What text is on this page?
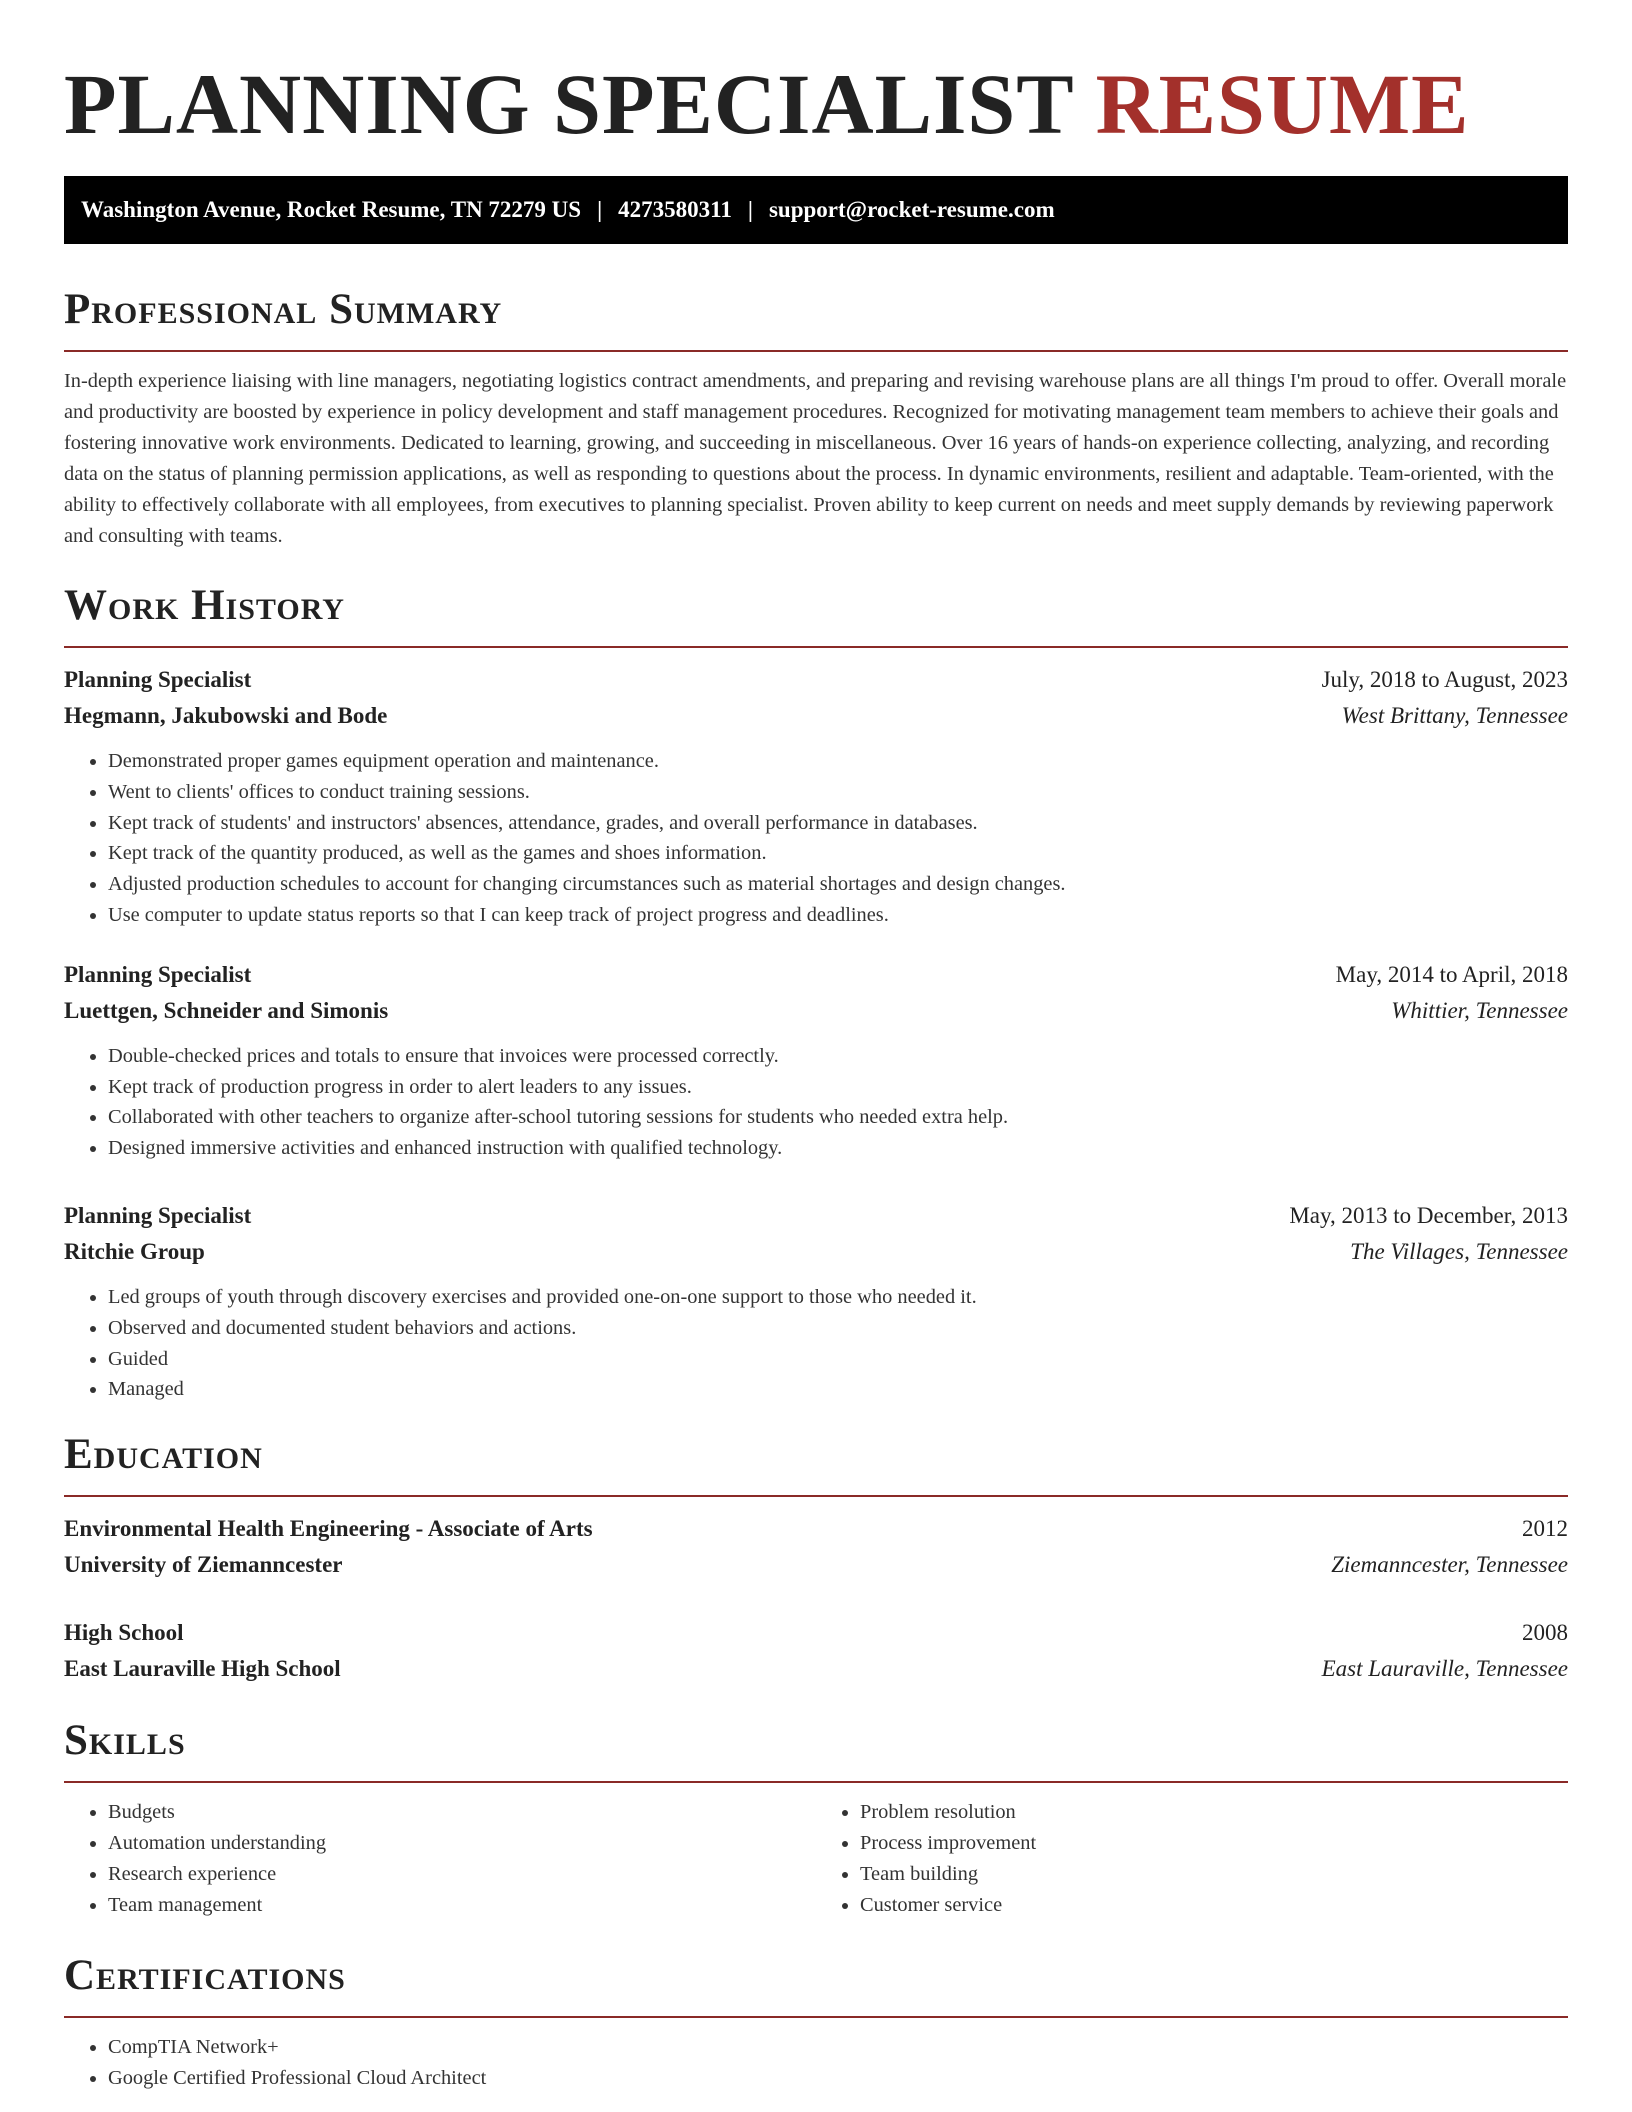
PLANNING SPECIALIST RESUME
Washington Avenue, Rocket Resume, TN 72279 US | 4273580311 | support@rocket-resume.com
Professional Summary

In-depth experience liaising with line managers, negotiating logistics contract amendments, and preparing and revising warehouse plans are all things I'm proud to offer. Overall morale and productivity are boosted by experience in policy development and staff management procedures. Recognized for motivating management team members to achieve their goals and fostering innovative work environments. Dedicated to learning, growing, and succeeding in miscellaneous. Over 16 years of hands-on experience collecting, analyzing, and recording data on the status of planning permission applications, as well as responding to questions about the process. In dynamic environments, resilient and adaptable. Team-oriented, with the ability to effectively collaborate with all employees, from executives to planning specialist. Proven ability to keep current on needs and meet supply demands by reviewing paperwork and consulting with teams.

Work History
Planning Specialist	July, 2018 to August, 2023
Hegmann, Jakubowski and Bode	West Brittany, Tennessee
• Demonstrated proper games equipment operation and maintenance.
• Went to clients' offices to conduct training sessions.
• Kept track of students' and instructors' absences, attendance, grades, and overall performance in databases.
• Kept track of the quantity produced, as well as the games and shoes information.
• Adjusted production schedules to account for changing circumstances such as material shortages and design changes.
• Use computer to update status reports so that I can keep track of project progress and deadlines.
Planning Specialist	May, 2014 to April, 2018
Luettgen, Schneider and Simonis	Whittier, Tennessee
• Double-checked prices and totals to ensure that invoices were processed correctly.
• Kept track of production progress in order to alert leaders to any issues.
• Collaborated with other teachers to organize after-school tutoring sessions for students who needed extra help.
• Designed immersive activities and enhanced instruction with qualified technology.
Planning Specialist	May, 2013 to December, 2013
Ritchie Group	The Villages, Tennessee
• Led groups of youth through discovery exercises and provided one-on-one support to those who needed it.
• Observed and documented student behaviors and actions.
• Guided
• Managed
Education
Environmental Health Engineering - Associate of Arts	2012
University of Ziemanncester	Ziemanncester, Tennessee
High School	2008
East Lauraville High School	East Lauraville, Tennessee
Skills
• Budgets
• Automation understanding
• Research experience
• Team management
• Problem resolution
• Process improvement
• Team building
• Customer service
Certifications
• CompTIA Network+
• Google Certified Professional Cloud Architect
